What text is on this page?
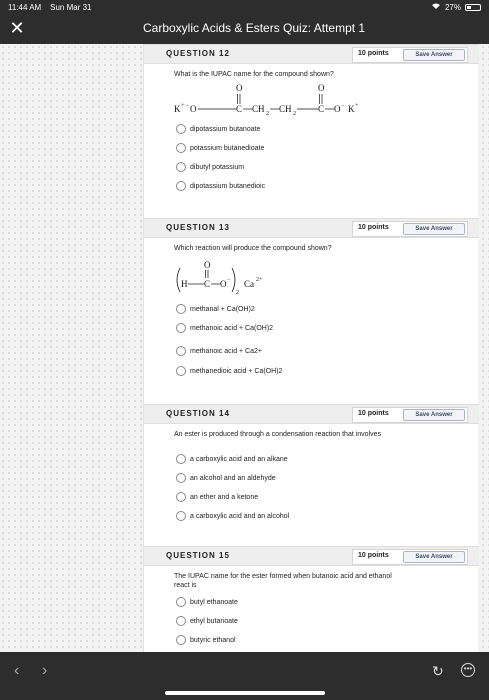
11:44 AM Sun Mar 31	27%
✕	Carboxylic Acids & Esters Quiz: Attempt 1
QUESTION 12	10 points	Save Answer
What is the IUPAC name for the compound shown?
O	O
K + − O	C CH 2 CH 2 C O − K +
dipotassium butanoate
potassium butanedioate
dibutyl potassium
dipotassium butanedioic
QUESTION 13	10 points	Save Answer
Which reaction will produce the compound shown?
O
H C O −
2
Ca 2+
methanal + Ca(OH)2
methanoic acid + Ca(OH)2
methanoic acid + Ca2+
methanedioic acid + Ca(OH)2
QUESTION 14	10 points	Save Answer
An ester is produced through a condensation reaction that involves
a carboxylic acid and an alkane
an alcohol and an aldehyde
an ether and a ketone
a carboxylic acid and an alcohol
QUESTION 15	10 points	Save Answer
The IUPAC name for the ester formed when butanoic acid and ethanol react is
butyl ethanoate
ethyl butanoate
butyric ethanol
‹ ›	↻	•••
